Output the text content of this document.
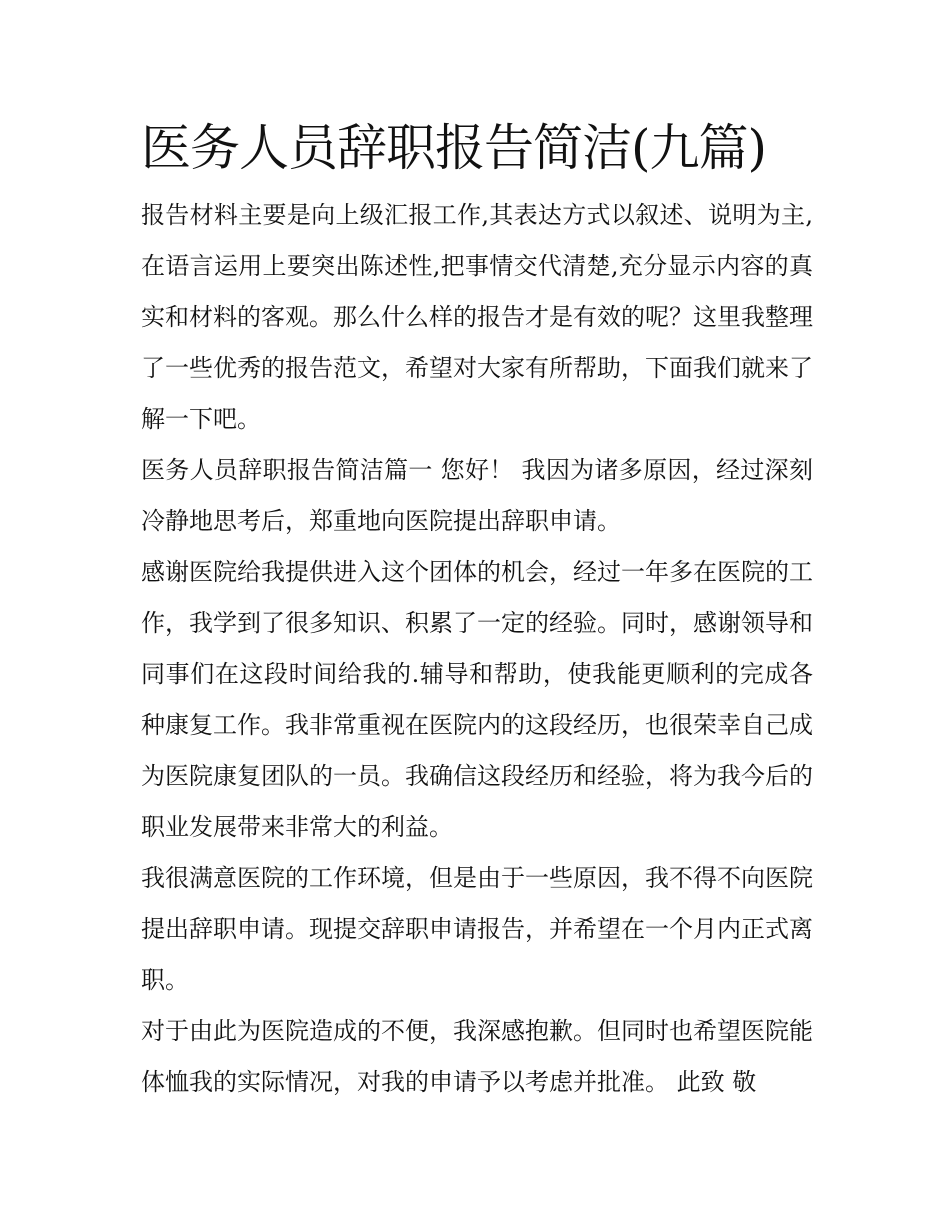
医务人员辞职报告简洁(九篇)

报告材料主要是向上级汇报工作,其表达方式以叙述、说明为主,在语言运用上要突出陈述性,把事情交代清楚,充分显示内容的真实和材料的客观。那么什么样的报告才是有效的呢？这里我整理了一些优秀的报告范文，希望对大家有所帮助，下面我们就来了解一下吧。

医务人员辞职报告简洁篇一 您好！ 我因为诸多原因，经过深刻冷静地思考后，郑重地向医院提出辞职申请。

感谢医院给我提供进入这个团体的机会，经过一年多在医院的工作，我学到了很多知识、积累了一定的经验。同时，感谢领导和同事们在这段时间给我的.辅导和帮助，使我能更顺利的完成各种康复工作。我非常重视在医院内的这段经历，也很荣幸自己成为医院康复团队的一员。我确信这段经历和经验，将为我今后的职业发展带来非常大的利益。

我很满意医院的工作环境，但是由于一些原因，我不得不向医院提出辞职申请。现提交辞职申请报告，并希望在一个月内正式离职。

对于由此为医院造成的不便，我深感抱歉。但同时也希望医院能体恤我的实际情况，对我的申请予以考虑并批准。 此致 敬
